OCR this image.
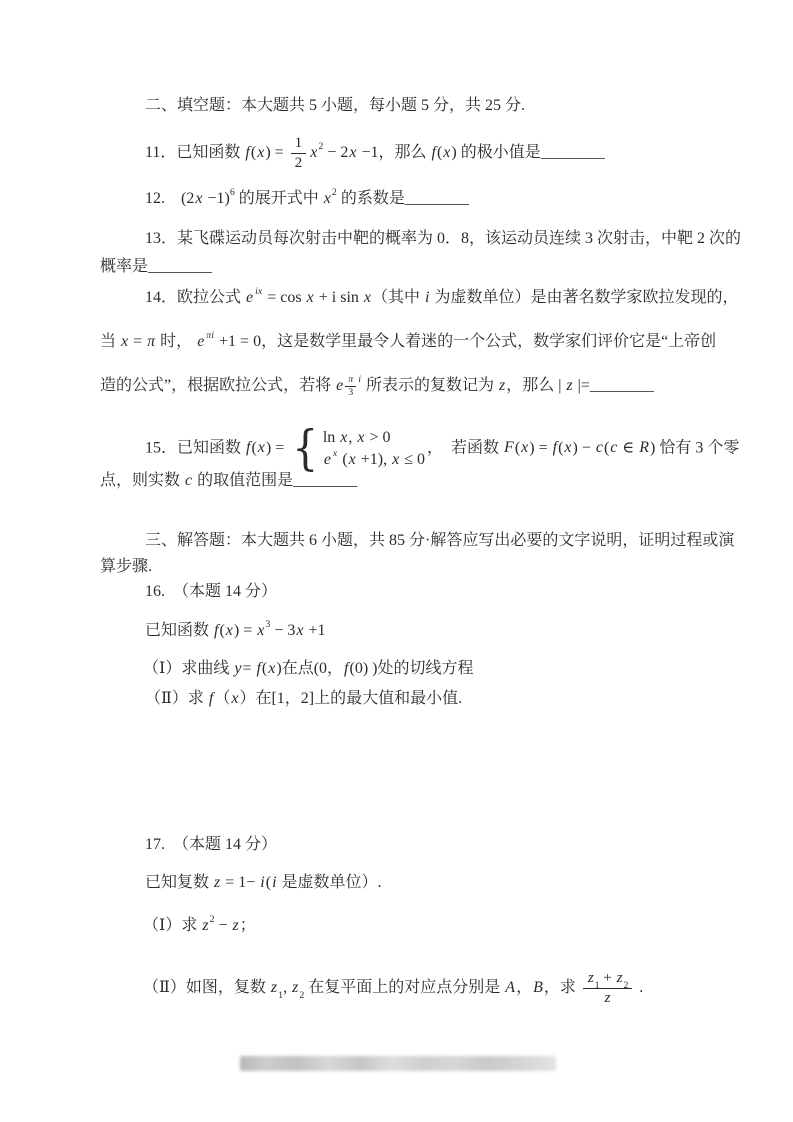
二、填空题：本大题共 5 小题，每小题 5 分，共 25 分.

11．已知函数 $f(x) = \frac{1}{2} x^2 - 2x -1$，那么 f(x) 的极小值是________

12.　$(2x -1)^6$ 的展开式中 $x^2$ 的系数是________

13．某飞碟运动员每次射击中靶的概率为 0．8，该运动员连续 3 次射击，中靶 2 次的

概率是________

14．欧拉公式 e $^{ix}$ = cos x + i sin x（其中 i 为虚数单位）是由著名数学家欧拉发现的，

当 x = π 时， e $^{\pi i}$ +1 = 0，这是数学里最令人着迷的一个公式，数学家们评价它是“上帝创

造的公式”，根据欧拉公式，若将 e $^{\frac{\pi}{3} i}$ 所表示的复数记为 z，那么 | z |=________

15．已知函数 f(x) = { ln x, x > 0
e $^x$ (x +1), x ≤ 0
，　若函数 F(x) = f(x) − c(c ∈ R) 恰有 3 个零

点，则实数 c 的取值范围是________

三、解答题：本大题共 6 小题，共 85 分·解答应写出必要的文字说明，证明过程或演

算步骤.

16.　（本题 14 分）

已知函数 $f(x) = x^3 - 3x +1$

（Ⅰ）求曲线 y= f(x)在点(0，f(0) )处的切线方程

（Ⅱ）求 f（x）在[1，2]上的最大值和最小值.

17.　（本题 14 分）

已知复数 z = 1− i(i 是虚数单位）.

（Ⅰ）求 $z^2 - z$；

（Ⅱ）如图，复数 $z_1$, $z_2$ 在复平面上的对应点分别是 A，B，求 $\frac{z_1 + z_2}{z}$ .
